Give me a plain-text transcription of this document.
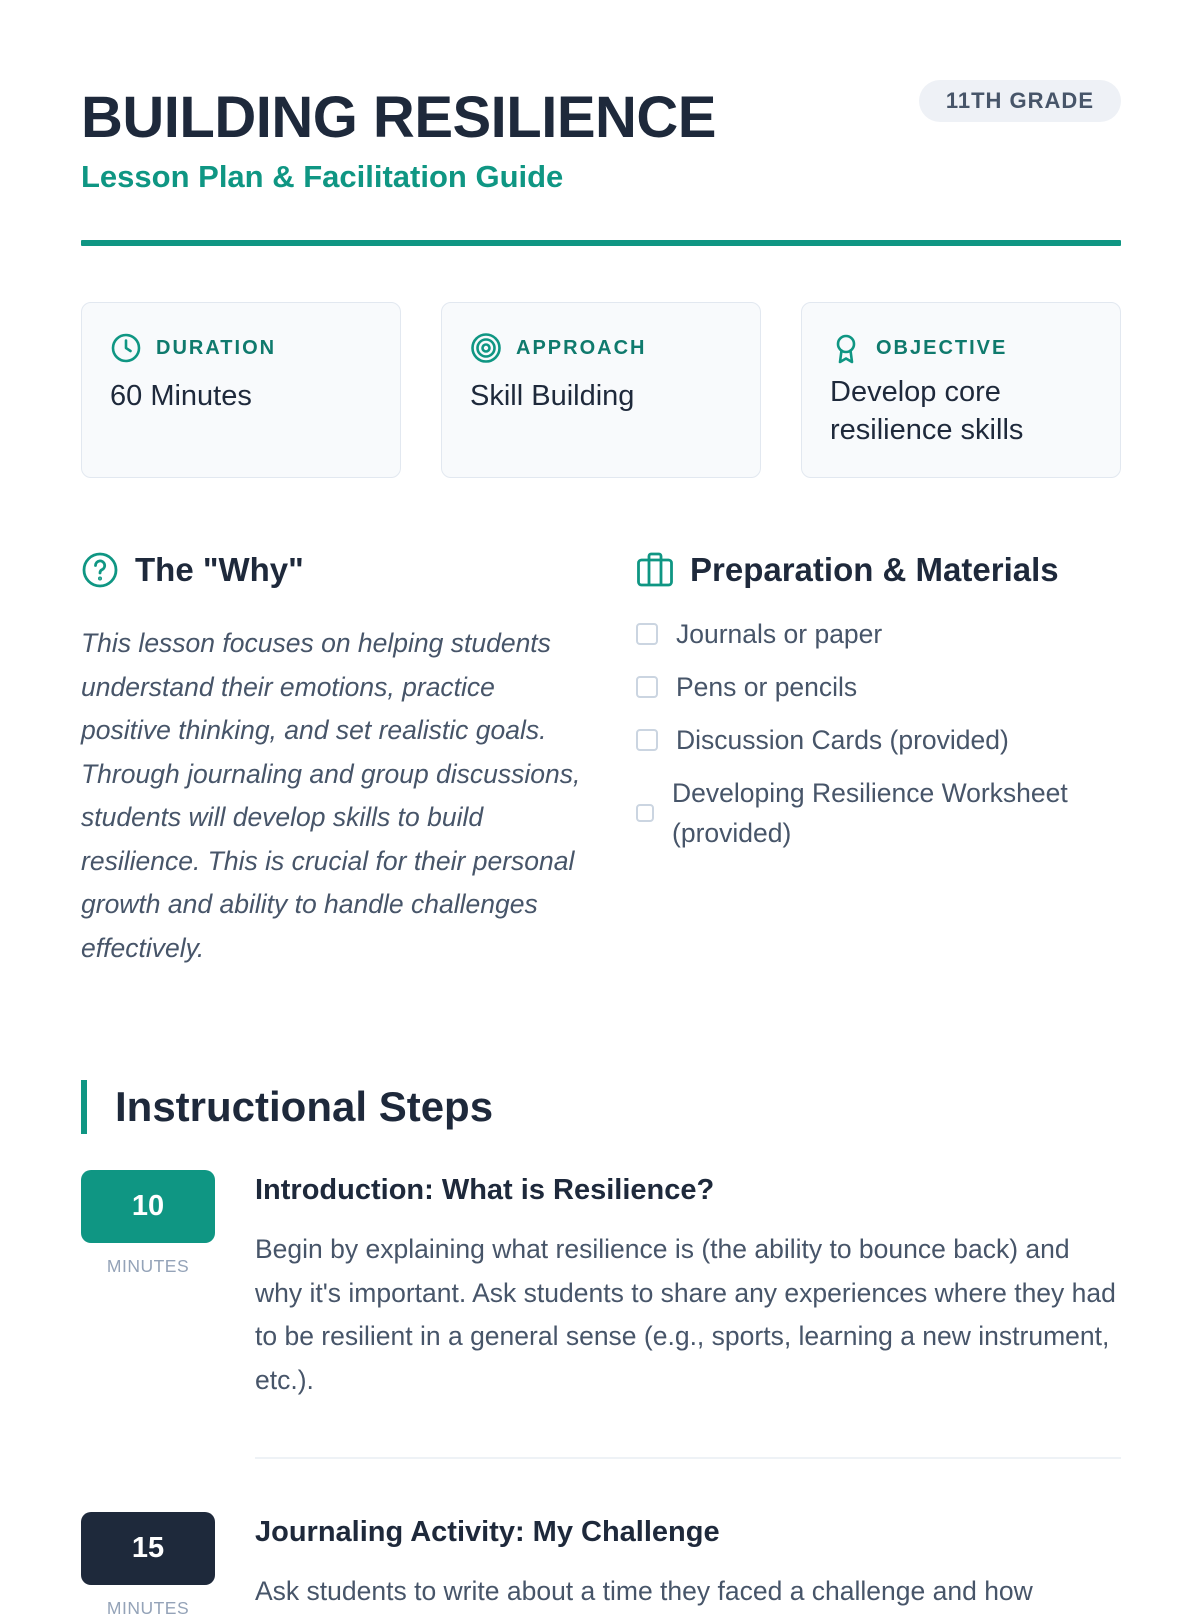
BUILDING RESILIENCE
Lesson Plan & Facilitation Guide
11TH GRADE
DURATION
60 Minutes
APPROACH
Skill Building
OBJECTIVE
Develop core resilience skills
The "Why"

This lesson focuses on helping students understand their emotions, practice positive thinking, and set realistic goals. Through journaling and group discussions, students will develop skills to build resilience. This is crucial for their personal growth and ability to handle challenges effectively.

Preparation & Materials
Journals or paper
Pens or pencils
Discussion Cards (provided)
Developing Resilience Worksheet (provided)
Instructional Steps
10
MINUTES
Introduction: What is Resilience?

Begin by explaining what resilience is (the ability to bounce back) and why it's important. Ask students to share any experiences where they had to be resilient in a general sense (e.g., sports, learning a new instrument, etc.).

15
MINUTES
Journaling Activity: My Challenge

Ask students to write about a time they faced a challenge and how
